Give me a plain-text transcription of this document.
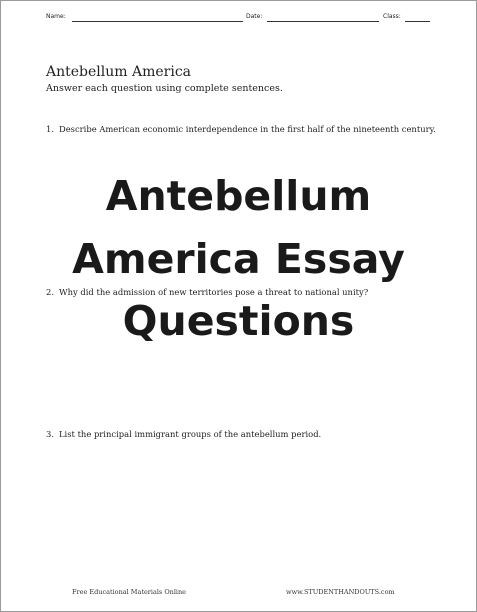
Name:	Date:	Class:
Antebellum America
Answer each question using complete sentences.
1. Describe American economic interdependence in the first half of the nineteenth century.
2. Why did the admission of new territories pose a threat to national unity?
3. List the principal immigrant groups of the antebellum period.
Antebellum
America Essay
Questions
Free Educational Materials Online	www.STUDENTHANDOUTS.com
